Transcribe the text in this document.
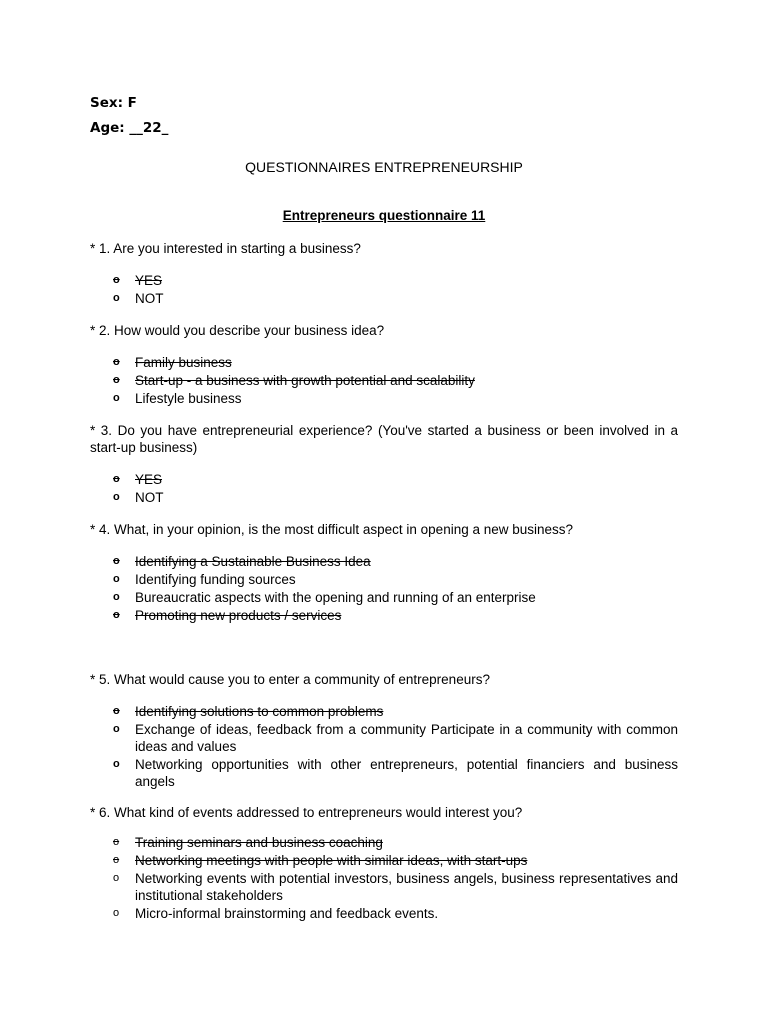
Sex: F
Age: __22_
QUESTIONNAIRES ENTREPRENEURSHIP
Entrepreneurs questionnaire 11
* 1. Are you interested in starting a business?
o YES
o NOT
* 2. How would you describe your business idea?
o Family business
o Start-up - a business with growth potential and scalability
o Lifestyle business
* 3. Do you have entrepreneurial experience? (You've started a business or been involved in a start-up business)
o YES
o NOT
* 4. What, in your opinion, is the most difficult aspect in opening a new business?
o Identifying a Sustainable Business Idea
o Identifying funding sources
o Bureaucratic aspects with the opening and running of an enterprise
o Promoting new products / services
* 5. What would cause you to enter a community of entrepreneurs?
o Identifying solutions to common problems
o Exchange of ideas, feedback from a community Participate in a community with common ideas and values
o Networking opportunities with other entrepreneurs, potential financiers and business angels
* 6. What kind of events addressed to entrepreneurs would interest you?
o Training seminars and business coaching
o Networking meetings with people with similar ideas, with start-ups
o Networking events with potential investors, business angels, business representatives and institutional stakeholders
o Micro-informal brainstorming and feedback events.
